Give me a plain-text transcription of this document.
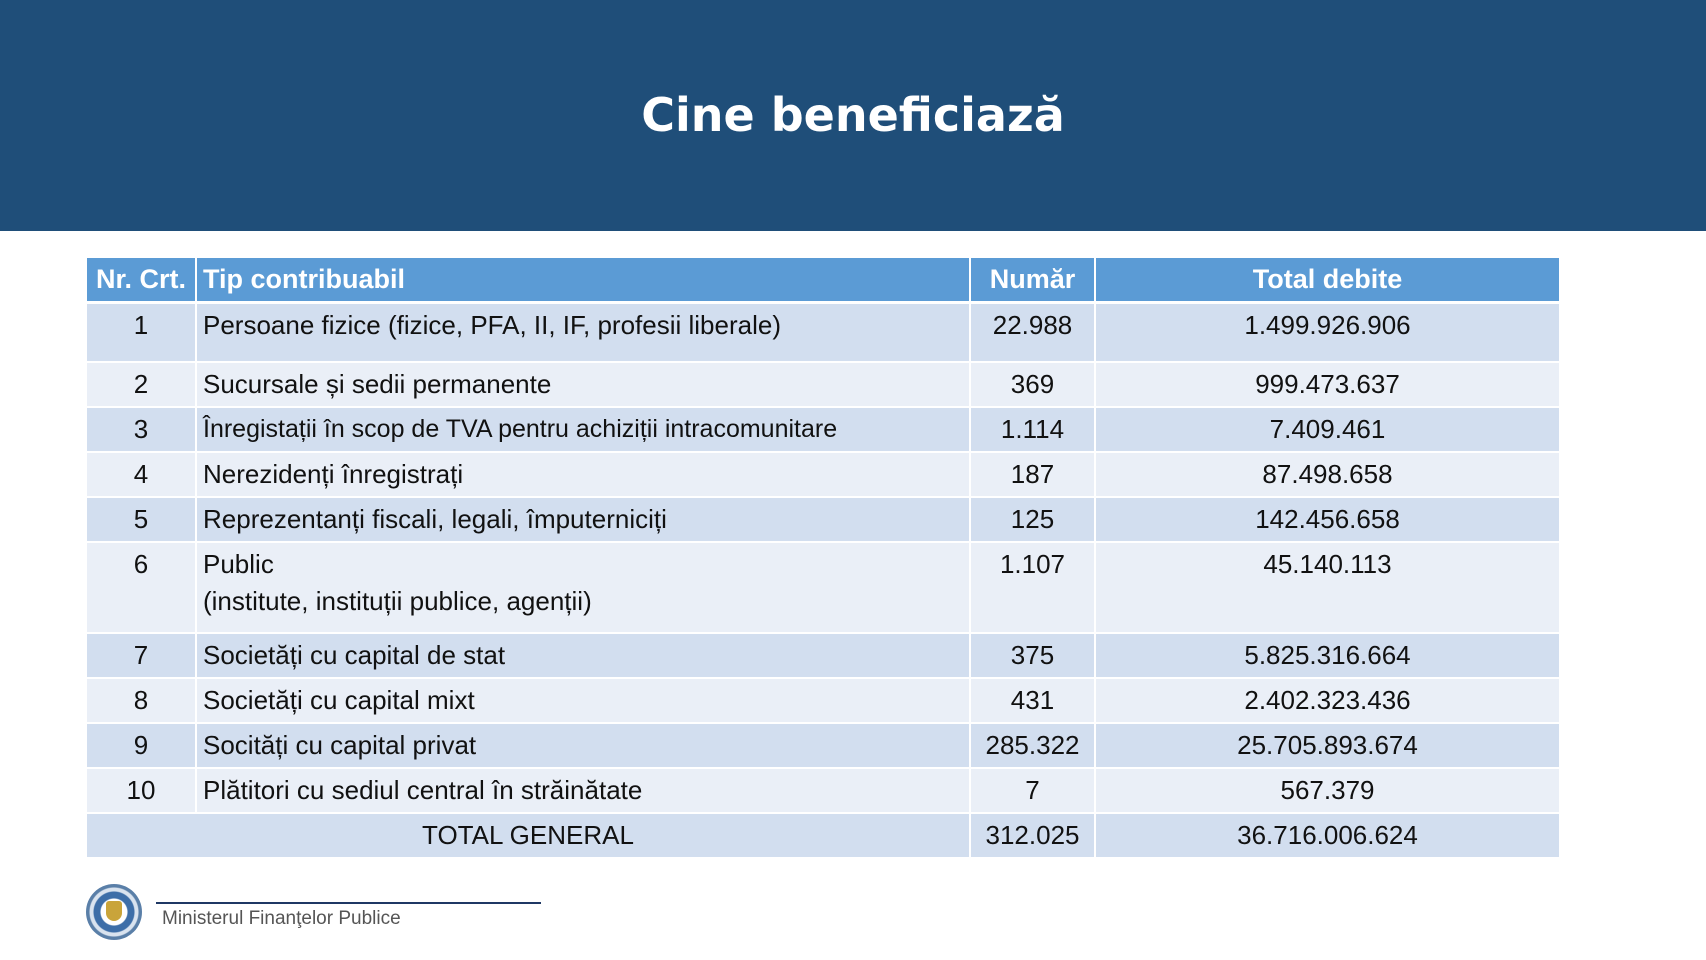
Cine beneficiază
Nr. Crt.	Tip contribuabil	Număr	Total debite
1	Persoane fizice (fizice, PFA, II, IF, profesii liberale)	22.988	1.499.926.906
2	Sucursale și sedii permanente	369	999.473.637
3	Înregistații în scop de TVA pentru achiziții intracomunitare	1.114	7.409.461
4	Nerezidenți înregistrați	187	87.498.658
5	Reprezentanți fiscali, legali, împuterniciți	125	142.456.658
6	Public
(institute, instituții publice, agenții)	1.107	45.140.113
7	Societăți cu capital de stat	375	5.825.316.664
8	Societăți cu capital mixt	431	2.402.323.436
9	Socități cu capital privat	285.322	25.705.893.674
10	Plătitori cu sediul central în străinătate	7	567.379
TOTAL GENERAL		312.025	36.716.006.624
Ministerul Finanţelor Publice
